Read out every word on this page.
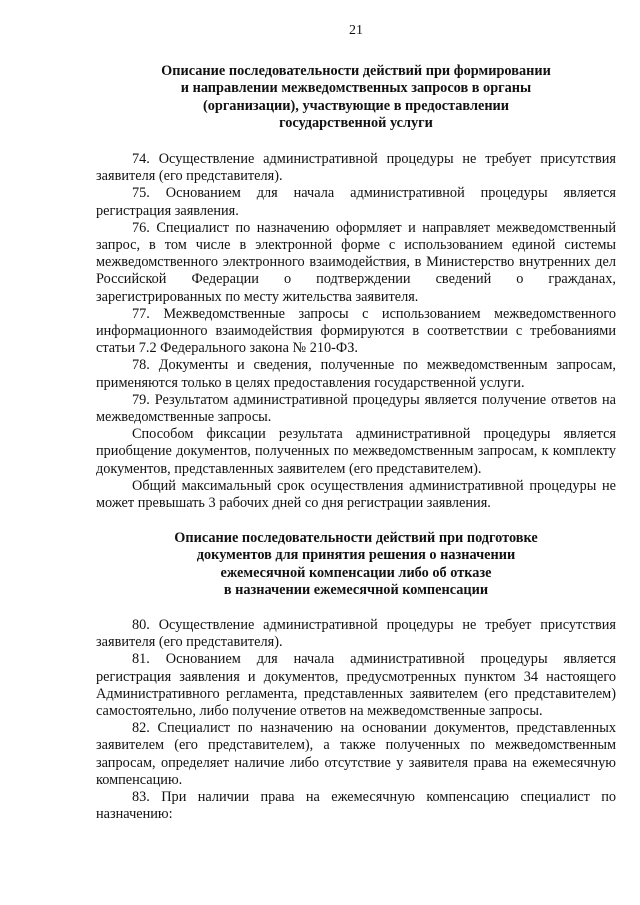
21
Описание последовательности действий при формировании
и направлении межведомственных запросов в органы
(организации), участвующие в предоставлении
государственной услуги

74. Осуществление административной процедуры не требует присутствия заявителя (его представителя).

75. Основанием для начала административной процедуры является регистрация заявления.

76. Специалист по назначению оформляет и направляет межведомственный запрос, в том числе в электронной форме с использованием единой системы межведомственного электронного взаимодействия, в Министерство внутренних дел Российской Федерации о подтверждении сведений о гражданах, зарегистрированных по месту жительства заявителя.

77. Межведомственные запросы с использованием межведомственного информационного взаимодействия формируются в соответствии с требованиями статьи 7.2 Федерального закона № 210-ФЗ.

78. Документы и сведения, полученные по межведомственным запросам, применяются только в целях предоставления государственной услуги.

79. Результатом административной процедуры является получение ответов на межведомственные запросы.

Способом фиксации результата административной процедуры является приобщение документов, полученных по межведомственным запросам, к комплекту документов, представленных заявителем (его представителем).

Общий максимальный срок осуществления административной процедуры не может превышать 3 рабочих дней со дня регистрации заявления.

Описание последовательности действий при подготовке
документов для принятия решения о назначении
ежемесячной компенсации либо об отказе
в назначении ежемесячной компенсации

80. Осуществление административной процедуры не требует присутствия заявителя (его представителя).

81. Основанием для начала административной процедуры является регистрация заявления и документов, предусмотренных пунктом 34 настоящего Административного регламента, представленных заявителем (его представителем) самостоятельно, либо получение ответов на межведомственные запросы.

82. Специалист по назначению на основании документов, представленных заявителем (его представителем), а также полученных по межведомственным запросам, определяет наличие либо отсутствие у заявителя права на ежемесячную компенсацию.

83. При наличии права на ежемесячную компенсацию специалист по назначению:
